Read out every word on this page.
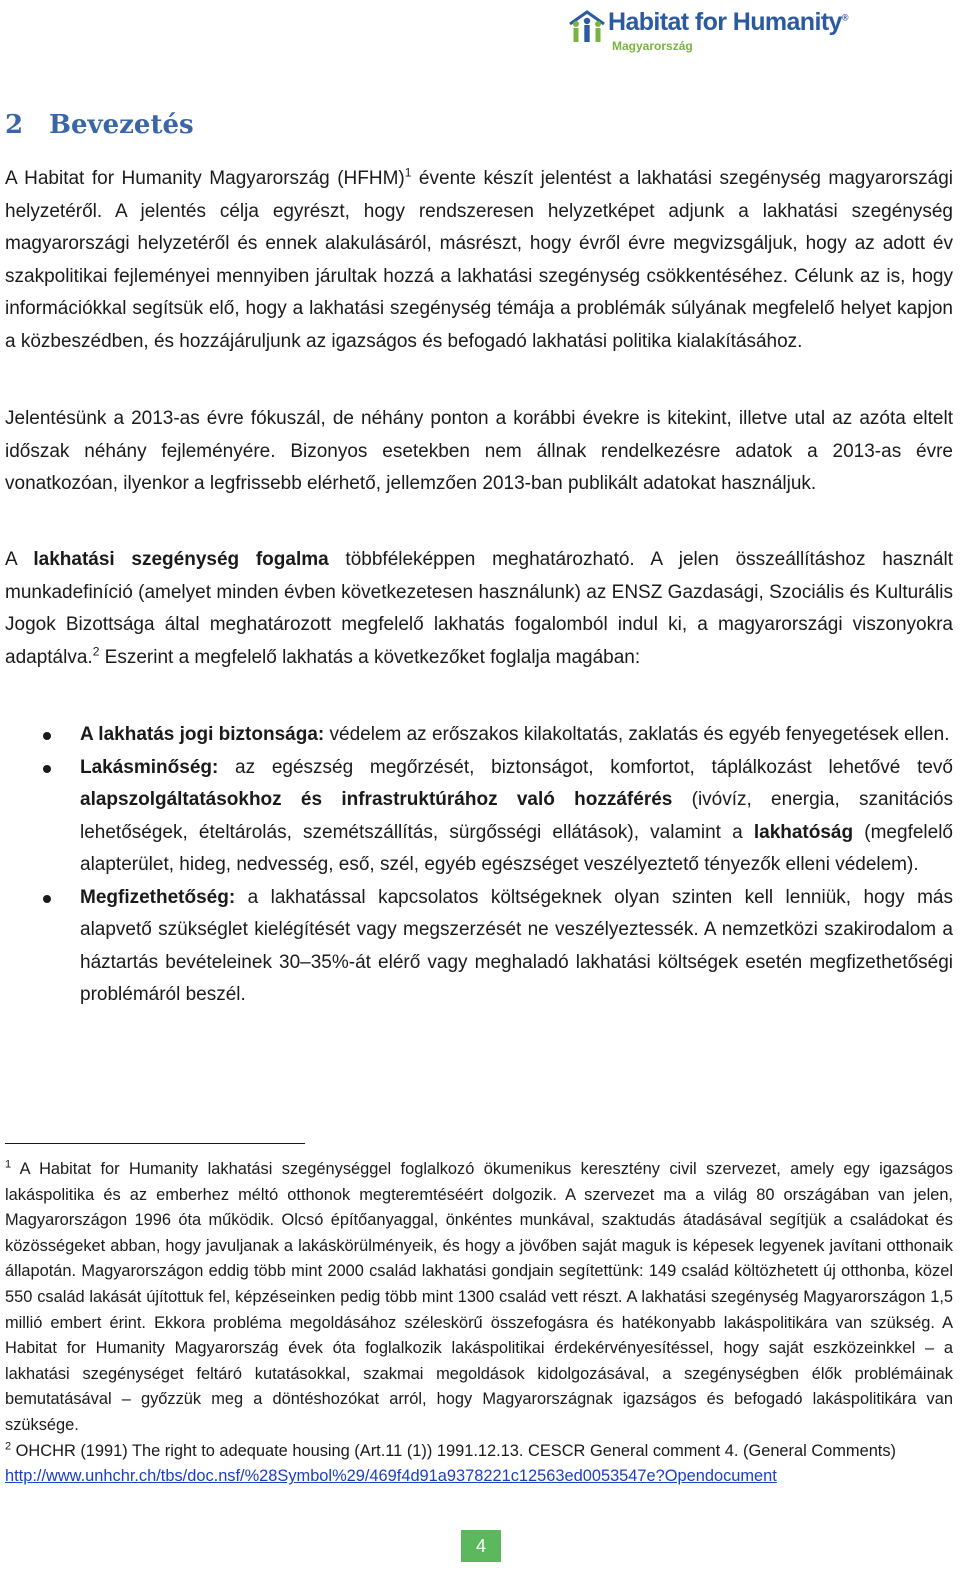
Habitat for Humanity®
Magyarország
2 Bevezetés

A Habitat for Humanity Magyarország (HFHM)$^1$ évente készít jelentést a lakhatási szegénység magyarországi helyzetéről. A jelentés célja egyrészt, hogy rendszeresen helyzetképet adjunk a lakhatási szegénység magyarországi helyzetéről és ennek alakulásáról, másrészt, hogy évről évre megvizsgáljuk, hogy az adott év szakpolitikai fejleményei mennyiben járultak hozzá a lakhatási szegénység csökkentéséhez. Célunk az is, hogy információkkal segítsük elő, hogy a lakhatási szegénység témája a problémák súlyának megfelelő helyet kapjon a közbeszédben, és hozzájáruljunk az igazságos és befogadó lakhatási politika kialakításához.

Jelentésünk a 2013-as évre fókuszál, de néhány ponton a korábbi évekre is kitekint, illetve utal az azóta eltelt időszak néhány fejleményére. Bizonyos esetekben nem állnak rendelkezésre adatok a 2013-as évre vonatkozóan, ilyenkor a legfrissebb elérhető, jellemzően 2013-ban publikált adatokat használjuk.

A lakhatási szegénység fogalma többféleképpen meghatározható. A jelen összeállításhoz használt munkadefiníció (amelyet minden évben következetesen használunk) az ENSZ Gazdasági, Szociális és Kulturális Jogok Bizottsága által meghatározott megfelelő lakhatás fogalomból indul ki, a magyarországi viszonyokra adaptálva.$^2$ Eszerint a megfelelő lakhatás a következőket foglalja magában:

A lakhatás jogi biztonsága: védelem az erőszakos kilakoltatás, zaklatás és egyéb fenyegetések ellen.
Lakásminőség: az egészség megőrzését, biztonságot, komfortot, táplálkozást lehetővé tevő alapszolgáltatásokhoz és infrastruktúrához való hozzáférés (ivóvíz, energia, szanitációs lehetőségek, ételtárolás, szemétszállítás, sürgősségi ellátások), valamint a lakhatóság (megfelelő alapterület, hideg, nedvesség, eső, szél, egyéb egészséget veszélyeztető tényezők elleni védelem).
Megfizethetőség: a lakhatással kapcsolatos költségeknek olyan szinten kell lenniük, hogy más alapvető szükséglet kielégítését vagy megszerzését ne veszélyeztessék. A nemzetközi szakirodalom a háztartás bevételeinek 30–35%-át elérő vagy meghaladó lakhatási költségek esetén megfizethetőségi problémáról beszél.

$^1$ A Habitat for Humanity lakhatási szegénységgel foglalkozó ökumenikus keresztény civil szervezet, amely egy igazságos lakáspolitika és az emberhez méltó otthonok megteremtéséért dolgozik. A szervezet ma a világ 80 országában van jelen, Magyarországon 1996 óta működik. Olcsó építőanyaggal, önkéntes munkával, szaktudás átadásával segítjük a családokat és közösségeket abban, hogy javuljanak a lakáskörülményeik, és hogy a jövőben saját maguk is képesek legyenek javítani otthonaik állapotán. Magyarországon eddig több mint 2000 család lakhatási gondjain segítettünk: 149 család költözhetett új otthonba, közel 550 család lakását újítottuk fel, képzéseinken pedig több mint 1300 család vett részt. A lakhatási szegénység Magyarországon 1,5 millió embert érint. Ekkora probléma megoldásához széleskörű összefogásra és hatékonyabb lakáspolitikára van szükség. A Habitat for Humanity Magyarország évek óta foglalkozik lakáspolitikai érdekérvényesítéssel, hogy saját eszközeinkkel – a lakhatási szegénységet feltáró kutatásokkal, szakmai megoldások kidolgozásával, a szegénységben élők problémáinak bemutatásával – győzzük meg a döntéshozókat arról, hogy Magyarországnak igazságos és befogadó lakáspolitikára van szüksége.

$^2$ OHCHR (1991) The right to adequate housing (Art.11 (1)) 1991.12.13. CESCR General comment 4. (General Comments)
http://www.unhchr.ch/tbs/doc.nsf/%28Symbol%29/469f4d91a9378221c12563ed0053547e?Opendocument

4
